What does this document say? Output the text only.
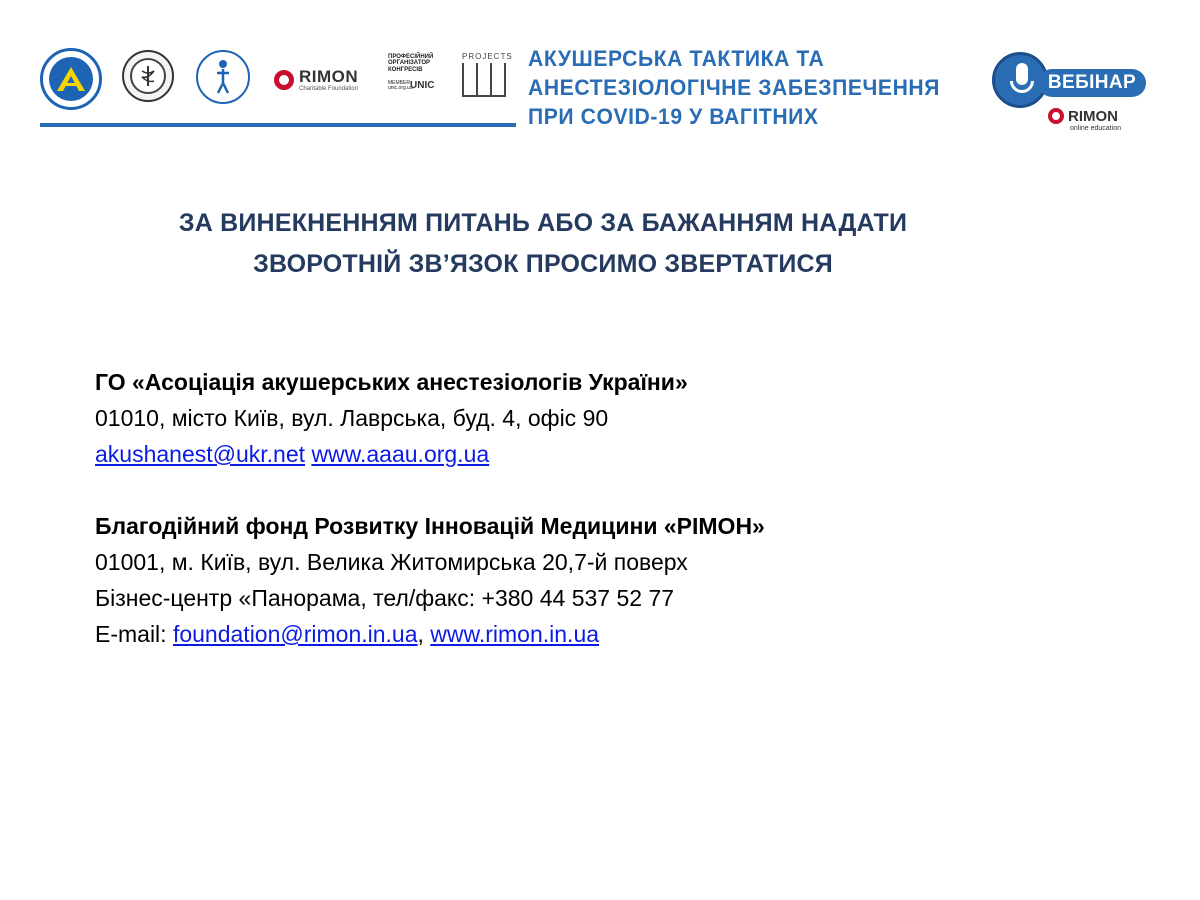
RIMON
Charitable Foundation
ПРОФЕСІЙНИЙ
ОРГАНІЗАТОР
КОНГРЕСІВ
MEMBER unic.org.ua
UNIC
PROJECTS АКУШЕРСЬКА ТАКТИКА ТА
АНЕСТЕЗІОЛОГІЧНЕ ЗАБЕЗПЕЧЕННЯ
ПРИ COVID-19 У ВАГІТНИХ
ВЕБІНАР
RIMON
online education
ЗА ВИНЕКНЕННЯМ ПИТАНЬ АБО ЗА БАЖАННЯМ НАДАТИ
ЗВОРОТНІЙ ЗВ’ЯЗОК ПРОСИМО ЗВЕРТАТИСЯ
ГО «Асоціація акушерських анестезіологів України»
01010, місто Київ, вул. Лаврська, буд. 4, офіс 90
akushanest@ukr.net www.aaau.org.ua
Благодійний фонд Розвитку Інновацій Медицини «РІМОН»
01001, м. Київ, вул. Велика Житомирська 20,7-й поверх
Бізнес-центр «Панорама, тел/факс: +380 44 537 52 77
E-mail: foundation@rimon.in.ua, www.rimon.in.ua
